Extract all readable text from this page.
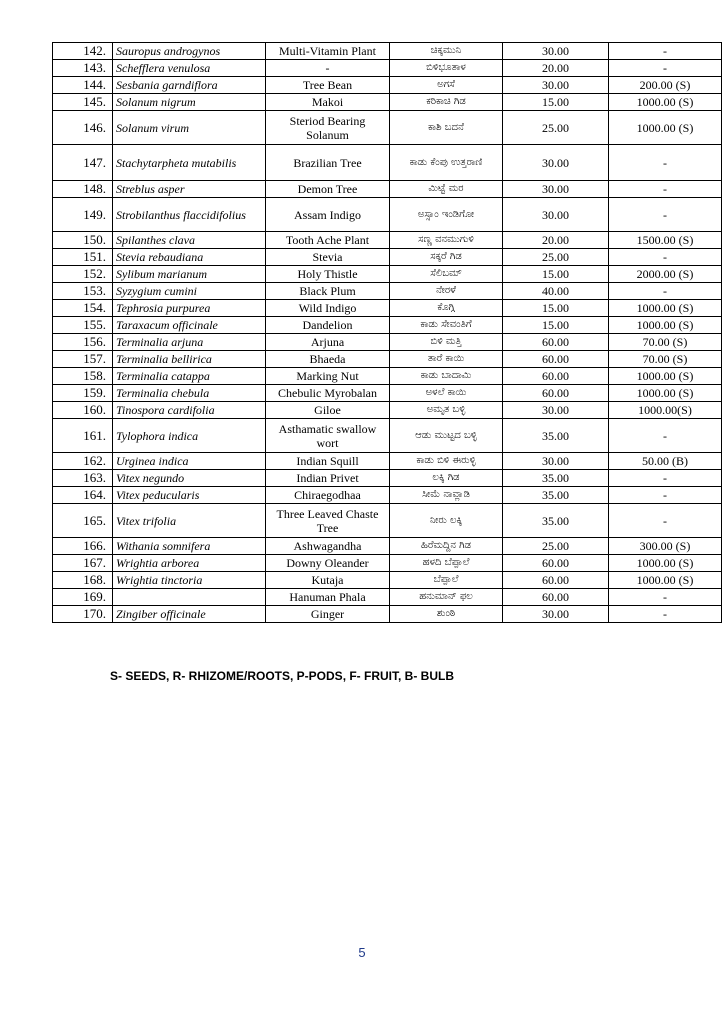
142.	Sauropus androgynos	Multi-Vitamin Plant	ಚಿಕ್ಕಮುನಿ	30.00	-
143.	Schefflera venulosa	-	ಬಿಳಿಭೂತಾಳ	20.00	-
144.	Sesbania garndiflora	Tree Bean	ಅಗಸೆ	30.00	200.00 (S)
145.	Solanum nigrum	Makoi	ಕರಿಕಾಚಿ ಗಿಡ	15.00	1000.00 (S)
146.	Solanum virum	Steriod Bearing Solanum	ಕಾಶಿ ಬದನೆ	25.00	1000.00 (S)
147.	Stachytarpheta mutabilis	Brazilian Tree	ಕಾಡು ಕೆಂಪು ಉತ್ತರಾಣಿ	30.00	-
148.	Streblus asper	Demon Tree	ಮಿಟ್ಟೆ ಮರ	30.00	-
149.	Strobilanthus flaccidifolius	Assam Indigo	ಅಸ್ಸಾಂ ಇಂಡಿಗೋ	30.00	-
150.	Spilanthes clava	Tooth Ache Plant	ಸಣ್ಣ ವನಮುಗುಳಿ	20.00	1500.00 (S)
151.	Stevia rebaudiana	Stevia	ಸಕ್ಕರೆ ಗಿಡ	25.00	-
152.	Sylibum marianum	Holy Thistle	ಸೆಲಿಬಮ್	15.00	2000.00 (S)
153.	Syzygium cumini	Black Plum	ನೇರಳೆ	40.00	-
154.	Tephrosia purpurea	Wild Indigo	ಕೊಗ್ಗಿ	15.00	1000.00 (S)
155.	Taraxacum officinale	Dandelion	ಕಾಡು ಸೇವಂತಿಗೆ	15.00	1000.00 (S)
156.	Terminalia arjuna	Arjuna	ಬಿಳಿ ಮತ್ತಿ	60.00	70.00 (S)
157.	Terminalia bellirica	Bhaeda	ತಾರೆ ಕಾಯಿ	60.00	70.00 (S)
158.	Terminalia catappa	Marking Nut	ಕಾಡು ಬಾದಾಮಿ	60.00	1000.00 (S)
159.	Terminalia chebula	Chebulic Myrobalan	ಅಳಲೆ ಕಾಯಿ	60.00	1000.00 (S)
160.	Tinospora cardifolia	Giloe	ಅಮೃತ ಬಳ್ಳಿ	30.00	1000.00(S)
161.	Tylophora indica	Asthamatic swallow wort	ಆಡು ಮುಟ್ಟದ ಬಳ್ಳಿ	35.00	-
162.	Urginea indica	Indian Squill	ಕಾಡು ಬಿಳಿ ಈರುಳ್ಳಿ	30.00	50.00 (B)
163.	Vitex negundo	Indian Privet	ಲಕ್ಕಿ ಗಿಡ	35.00	-
164.	Vitex peducularis	Chiraegodhaa	ಸೀಮೆ ನಾವ್ಲಾಡಿ	35.00	-
165.	Vitex trifolia	Three Leaved Chaste Tree	ನೀರು ಲಕ್ಕಿ	35.00	-
166.	Withania somnifera	Ashwagandha	ಹಿರೆಮದ್ದಿನ ಗಿಡ	25.00	300.00 (S)
167.	Wrightia arborea	Downy Oleander	ಹಳದಿ ಬೆಪ್ಪಾಲೆ	60.00	1000.00 (S)
168.	Wrightia tinctoria	Kutaja	ಬೆಪ್ಪಾಲೆ	60.00	1000.00 (S)
169.		Hanuman Phala	ಹನುಮಾನ್ ಫಲ	60.00	-
170.	Zingiber officinale	Ginger	ಶುಂಠಿ	30.00	-
S- SEEDS, R- RHIZOME/ROOTS, P-PODS, F- FRUIT, B- BULB
5
